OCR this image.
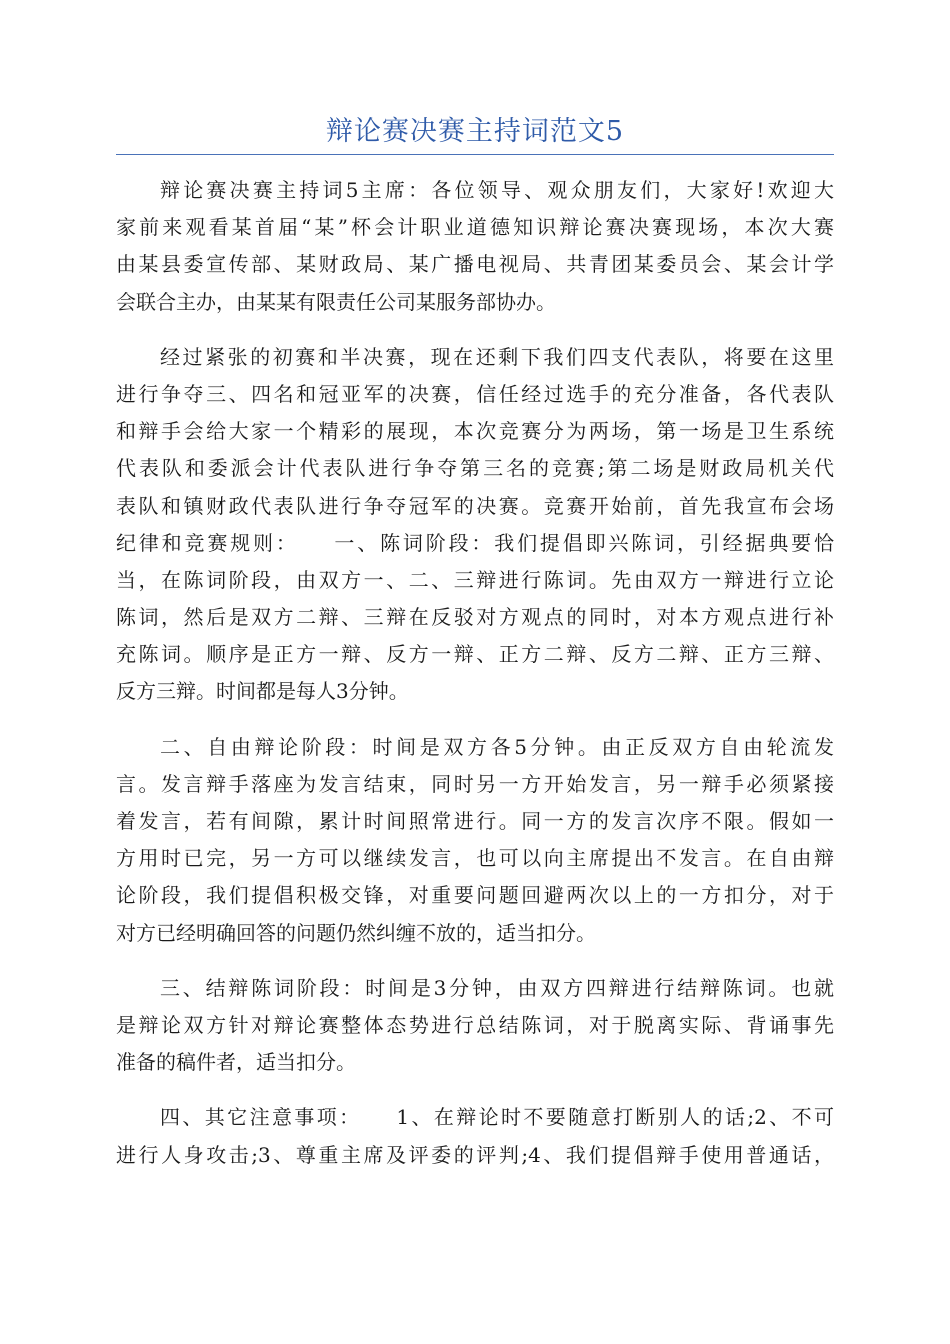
辩论赛决赛主持词范文5
辩论赛决赛主持词5主席：各位领导、观众朋友们，大家好!欢迎大
家前来观看某首届“某”杯会计职业道德知识辩论赛决赛现场，本次大赛
由某县委宣传部、某财政局、某广播电视局、共青团某委员会、某会计学
会联合主办，由某某有限责任公司某服务部协办。
经过紧张的初赛和半决赛，现在还剩下我们四支代表队，将要在这里
进行争夺三、四名和冠亚军的决赛，信任经过选手的充分准备，各代表队
和辩手会给大家一个精彩的展现，本次竞赛分为两场，第一场是卫生系统
代表队和委派会计代表队进行争夺第三名的竞赛;第二场是财政局机关代
表队和镇财政代表队进行争夺冠军的决赛。竞赛开始前，首先我宣布会场
纪律和竞赛规则：　　一、陈词阶段：我们提倡即兴陈词，引经据典要恰
当，在陈词阶段，由双方一、二、三辩进行陈词。先由双方一辩进行立论
陈词，然后是双方二辩、三辩在反驳对方观点的同时，对本方观点进行补
充陈词。顺序是正方一辩、反方一辩、正方二辩、反方二辩、正方三辩、
反方三辩。时间都是每人3分钟。
二、自由辩论阶段：时间是双方各5分钟。由正反双方自由轮流发
言。发言辩手落座为发言结束，同时另一方开始发言，另一辩手必须紧接
着发言，若有间隙，累计时间照常进行。同一方的发言次序不限。假如一
方用时已完，另一方可以继续发言，也可以向主席提出不发言。在自由辩
论阶段，我们提倡积极交锋，对重要问题回避两次以上的一方扣分，对于
对方已经明确回答的问题仍然纠缠不放的，适当扣分。
三、结辩陈词阶段：时间是3分钟，由双方四辩进行结辩陈词。也就
是辩论双方针对辩论赛整体态势进行总结陈词，对于脱离实际、背诵事先
准备的稿件者，适当扣分。
四、其它注意事项：　　1、在辩论时不要随意打断别人的话;2、不可
进行人身攻击;3、尊重主席及评委的评判;4、我们提倡辩手使用普通话，
